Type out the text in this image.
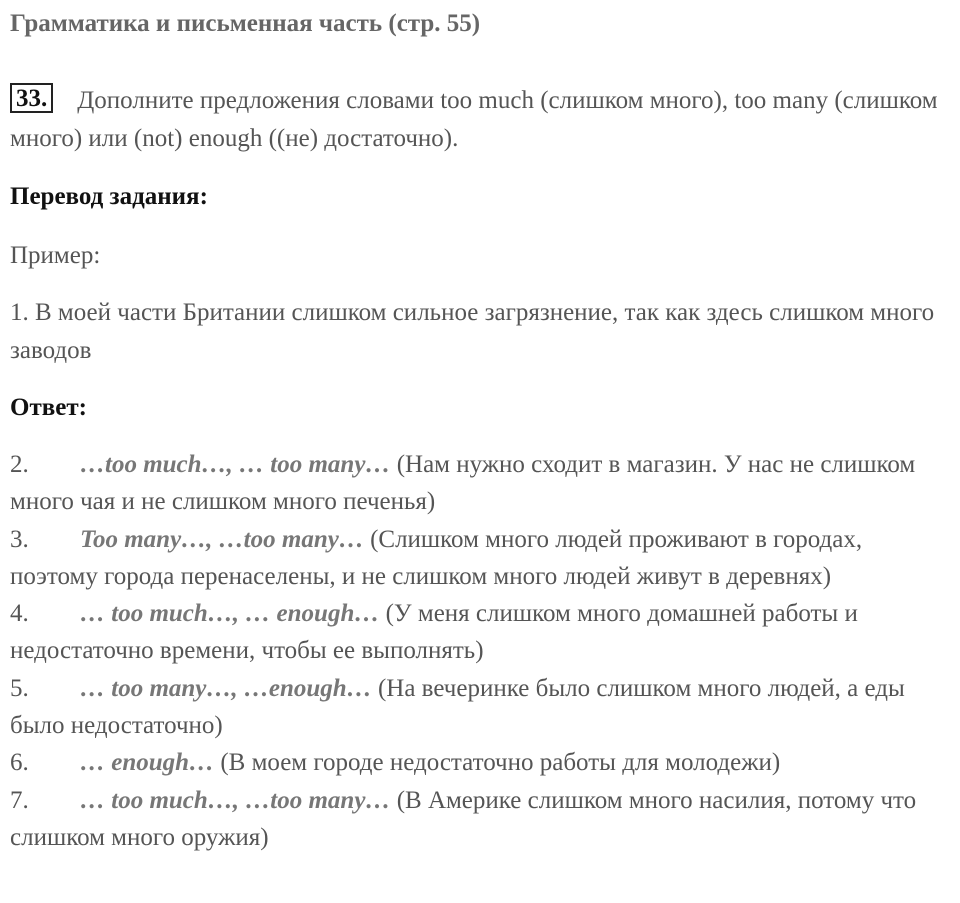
Грамматика и письменная часть (стр. 55)
33. Дополните предложения словами too much (слишком много), too many (слишком много) или (not) enough ((не) достаточно).
Перевод задания:
Пример:
1. В моей части Британии слишком сильное загрязнение, так как здесь слишком много заводов
Ответ:

2. …too much…, … too many… (Нам нужно сходит в магазин. У нас не слишком много чая и не слишком много печенья)

3. Too many…, …too many… (Слишком много людей проживают в городах, поэтому города перенаселены, и не слишком много людей живут в деревнях)

4. … too much…, … enough… (У меня слишком много домашней работы и недостаточно времени, чтобы ее выполнять)

5. … too many…, …enough… (На вечеринке было слишком много людей, а еды было недостаточно)

6. … enough… (В моем городе недостаточно работы для молодежи)

7. … too much…, …too many… (В Америке слишком много насилия, потому что слишком много оружия)
